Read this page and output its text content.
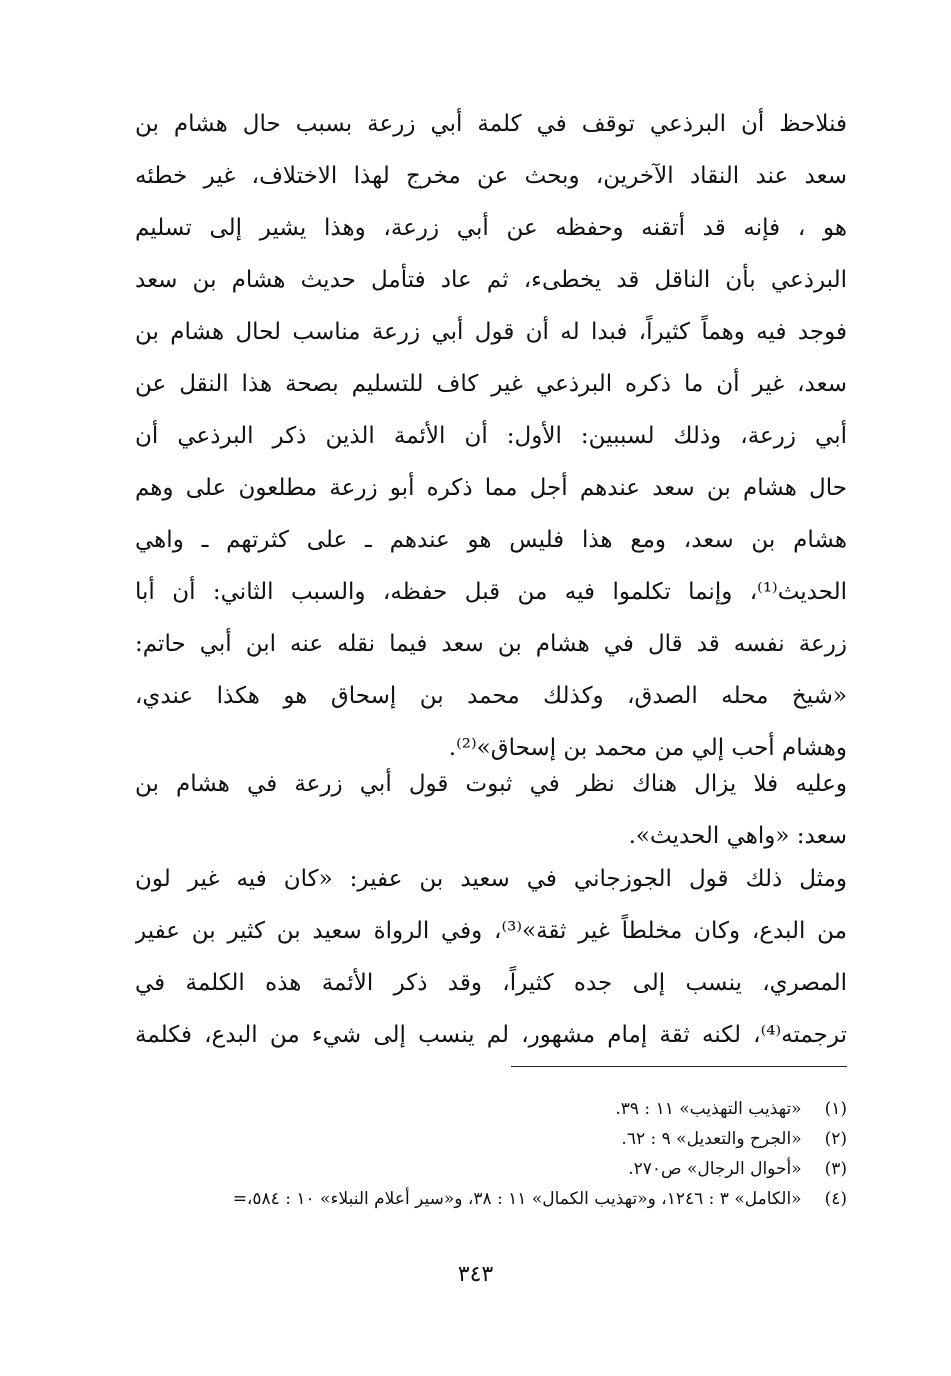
فنلاحظ أن البرذعي توقف في كلمة أبي زرعة بسبب حال هشام بن
سعد عند النقاد الآخرين، وبحث عن مخرج لهذا الاختلاف، غير خطئه
هو ، فإنه قد أتقنه وحفظه عن أبي زرعة، وهذا يشير إلى تسليم
البرذعي بأن الناقل قد يخطىء، ثم عاد فتأمل حديث هشام بن سعد
فوجد فيه وهماً كثيراً، فبدا له أن قول أبي زرعة مناسب لحال هشام بن
سعد، غير أن ما ذكره البرذعي غير كاف للتسليم بصحة هذا النقل عن
أبي زرعة، وذلك لسببين: الأول: أن الأئمة الذين ذكر البرذعي أن
حال هشام بن سعد عندهم أجل مما ذكره أبو زرعة مطلعون على وهم
هشام بن سعد، ومع هذا فليس هو عندهم ـ على كثرتهم ـ واهي
الحديث⁽¹⁾، وإنما تكلموا فيه من قبل حفظه، والسبب الثاني: أن أبا
زرعة نفسه قد قال في هشام بن سعد فيما نقله عنه ابن أبي حاتم:
«شيخ محله الصدق، وكذلك محمد بن إسحاق هو هكذا عندي،
وهشام أحب إلي من محمد بن إسحاق»⁽²⁾.
وعليه فلا يزال هناك نظر في ثبوت قول أبي زرعة في هشام بن
سعد: «واهي الحديث».
ومثل ذلك قول الجوزجاني في سعيد بن عفير: «كان فيه غير لون
من البدع، وكان مخلطاً غير ثقة»⁽³⁾، وفي الرواة سعيد بن كثير بن عفير
المصري، ينسب إلى جده كثيراً، وقد ذكر الأئمة هذه الكلمة في
ترجمته⁽⁴⁾، لكنه ثقة إمام مشهور، لم ينسب إلى شيء من البدع، فكلمة
(١) «تهذيب التهذيب» ١١ : ٣٩.
(٢) «الجرح والتعديل» ٩ : ٦٢.
(٣) «أحوال الرجال» ص٢٧٠.
(٤) «الكامل» ٣ : ١٢٤٦، و«تهذيب الكمال» ١١ : ٣٨، و«سير أعلام النبلاء» ١٠ : ٥٨٤،=
٣٤٣
